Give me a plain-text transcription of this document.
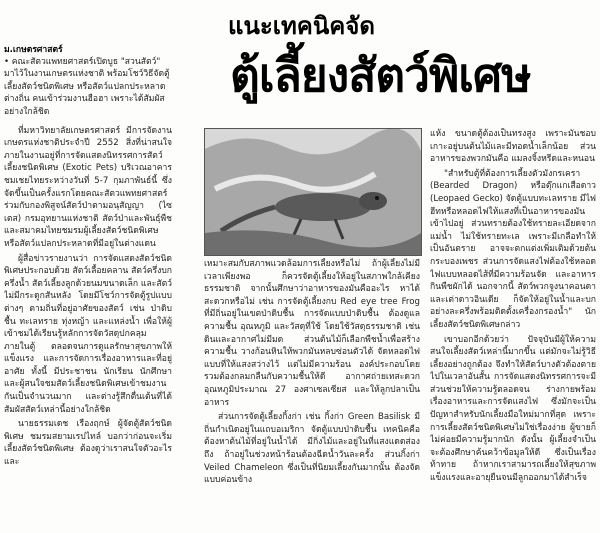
แนะเทคนิคจัด
ตู้เลี้ยงสัตว์พิเศษ
ม.เกษตรศาสตร์

ที่มหาวิทยาลัยเกษตรศาสตร์ มีการจัดงานเกษตรแห่งชาติประจำปี 2552 สิ่งที่น่าสนใจภายในงานอยู่ที่การจัดแสดงนิทรรศการสัตว์เลี้ยงชนิดพิเศษ (Exotic Pets) บริเวณอาคารชมเชยไทยระหว่างวันที่ 5-7 กุมภาพันธ์นี้ ซึ่งจัดขึ้นเป็นครั้งแรกโดยคณะสัตวแพทยศาสตร์ ร่วมกับกองพิสูจน์สัตว์ป่าตามอนุสัญญา (ไซเตส) กรมอุทยานแห่งชาติ สัตว์ป่าและพันธุ์พืช และสมาคมไทยชมรมผู้เลี้ยงสัตว์ชนิดพิเศษหรือสัตว์แปลกประหลาดที่มีอยู่ในต่างแดน

ผู้สื่อข่าวรายงานว่า การจัดแสดงสัตว์ชนิดพิเศษประกอบด้วย สัตว์เลื้อยคลาน สัตว์ครึ่งบกครึ่งน้ำ สัตว์เลี้ยงลูกด้วยนมขนาดเล็ก และสัตว์ไม่มีกระดูกสันหลัง โดยมีโชว์การจัดตู้รูปแบบต่างๆ ตามถิ่นที่อยู่อาศัยของสัตว์ เช่น ป่าดิบชื้น ทะเลทราย ทุ่งหญ้า และแหล่งน้ำ เพื่อให้ผู้เข้าชมได้เรียนรู้หลักการจัดวัสดุปกคลุมภายในตู้ ตลอดจนการดูแลรักษาสุขภาพให้แข็งแรง และการจัดการเรื่องอาหารและที่อยู่อาศัย ทั้งนี้ มีประชาชน นักเรียน นักศึกษา และผู้สนใจชมสัตว์เลี้ยงชนิดพิเศษเข้าชมงานกันเป็นจำนวนมาก และต่างรู้สึกตื่นเต้นที่ได้สัมผัสสัตว์เหล่านี้อย่างใกล้ชิด

นายธรรมเดช เรืองฤกษ์ ผู้จัดตู้สัตว์ชนิดพิเศษ ชมรมสยามเรปไทล์ บอกว่าก่อนจะเริ่มเลี้ยงสัตว์ชนิดพิเศษ ต้องดูว่าเราสนใจตัวอะไร และ

• คณะสัตวแพทยศาสตร์เปิดบูธ "สวนสัตว์" มาไว้ในงานเกษตรแห่งชาติ พร้อมโชว์วิธีจัดตู้เลี้ยงสัตว์ชนิดพิเศษ หรือสัตว์แปลกประหลาดต่างถิ่น คนเข้าร่วมงานฮือฮา เพราะได้สัมผัสอย่างใกล้ชิด

เหมาะสมกับสภาพแวดล้อมการเลี้ยงหรือไม่ ถ้าผู้เลี้ยงไม่มีเวลาเพียงพอ ก็ควรจัดตู้เลี้ยงให้อยู่ในสภาพใกล้เคียงธรรมชาติ จากนั้นศึกษาว่าอาหารของมันคืออะไร หาได้สะดวกหรือไม่ เช่น การจัดตู้เลี้ยงกบ Red eye tree Frog ที่มีถิ่นอยู่ในเขตป่าดิบชื้น การจัดแบบป่าดิบชื้น ต้องดูแลความชื้น อุณหภูมิ และวัสดุที่ใช้ โดยใช้วัสดุธรรมชาติ เช่น ดินและอากาศไม่มีมด ส่วนต้นไม้ก็เลือกพืชน้ำเพื่อสร้างความชื้น วางก้อนหินให้พวกมันหลบซ่อนตัวได้ จัดหลอดไฟแบบที่ให้แสงสว่างไว้ แต่ไม่มีความร้อน องค์ประกอบโดยรวมต้องกลมกลืนกับความชื้นให้ดี อากาศถ่ายเทสะดวก อุณหภูมิประมาณ 27 องศาเซลเซียส และให้ลูกปลาเป็นอาหาร

ส่วนการจัดตู้เลี้ยงกิ้งก่า เช่น กิ้งก่า Green Basilisk มีถิ่นกำเนิดอยู่ในแถบอเมริกา จัดตู้แบบป่าดิบชื้น เทคนิคคือต้องหาต้นไม้ที่อยู่ในน้ำได้ มีกิ่งไม้และอยู่ในที่แสงแดดส่องถึง ถ้าอยู่ในช่วงหน้าร้อนต้องฉีดน้ำวันละครั้ง ส่วนกิ้งก่า Veiled Chameleon ซึ่งเป็นที่นิยมเลี้ยงกันมากนั้น ต้องจัดแบบค่อนข้าง

แห้ง ขนาดตู้ต้องเป็นทรงสูง เพราะมันชอบเกาะอยู่บนต้นไม้และมีทอดน้ำเล็กน้อย ส่วนอาหารของพวกมันคือ แมลงจิ้งหรีดและหนอน

"สำหรับตู้ที่ต้องการเลี้ยงตัวมังกรเครา (Bearded Dragon) หรือตุ๊กแกเสือดาว (Leopaed Gecko) จัดตู้แบบทะเลทราย มีไฟฮีทหรือหลอดไฟให้แสงที่เป็นอาหารของมันเข้าไปอยู่ ส่วนทรายต้องใช้ทรายละเอียดจากแม่น้ำ ไม่ใช้ทรายทะเล เพราะมีเกลือทำให้เป็นอันตราย อาจจะตกแต่งเพิ่มเติมด้วยต้นกระบองเพชร ส่วนการจัดแสงไฟต้องใช้หลอดไฟแบบหลอดไส้ที่มีความร้อนจัด และอาหารกินพืชผักได้ นอกจากนี้ สัตว์พวกจูงนาคอนดา และเต่าดาวอินเดีย ก็จัดให้อยู่ในน้ำและบกอย่างละครึ่งพร้อมติดตั้งเครื่องกรองน้ำ" นักเลี้ยงสัตว์ชนิดพิเศษกล่าว

เขาบอกอีกด้วยว่า ปัจจุบันมีผู้ให้ความสนใจเลี้ยงสัตว์เหล่านี้มากขึ้น แต่มักจะไม่รู้วิธีเลี้ยงอย่างถูกต้อง จึงทำให้สัตว์บางตัวต้องตายไปในเวลาอันสั้น การจัดแสดงนิทรรศการจะมีส่วนช่วยให้ความรู้ตลอดจน ร่างกายพร้อม เรื่องอาหารและการจัดแสงไฟ ซึ่งมักจะเป็นปัญหาสำหรับนักเลี้ยงมือใหม่มากที่สุด เพราะการเลี้ยงสัตว์ชนิดพิเศษไม่ใช่เรื่องง่าย ผู้ขายก็ไม่ค่อยมีความรู้มากนัก ดังนั้น ผู้เลี้ยงจำเป็นจะต้องศึกษาค้นคว้าข้อมูลให้ดี ซึ่งเป็นเรื่องท้าทาย ถ้าหากเราสามารถเลี้ยงให้สุขภาพแข็งแรงและอายุยืนจนมีลูกออกมาได้สำเร็จ
